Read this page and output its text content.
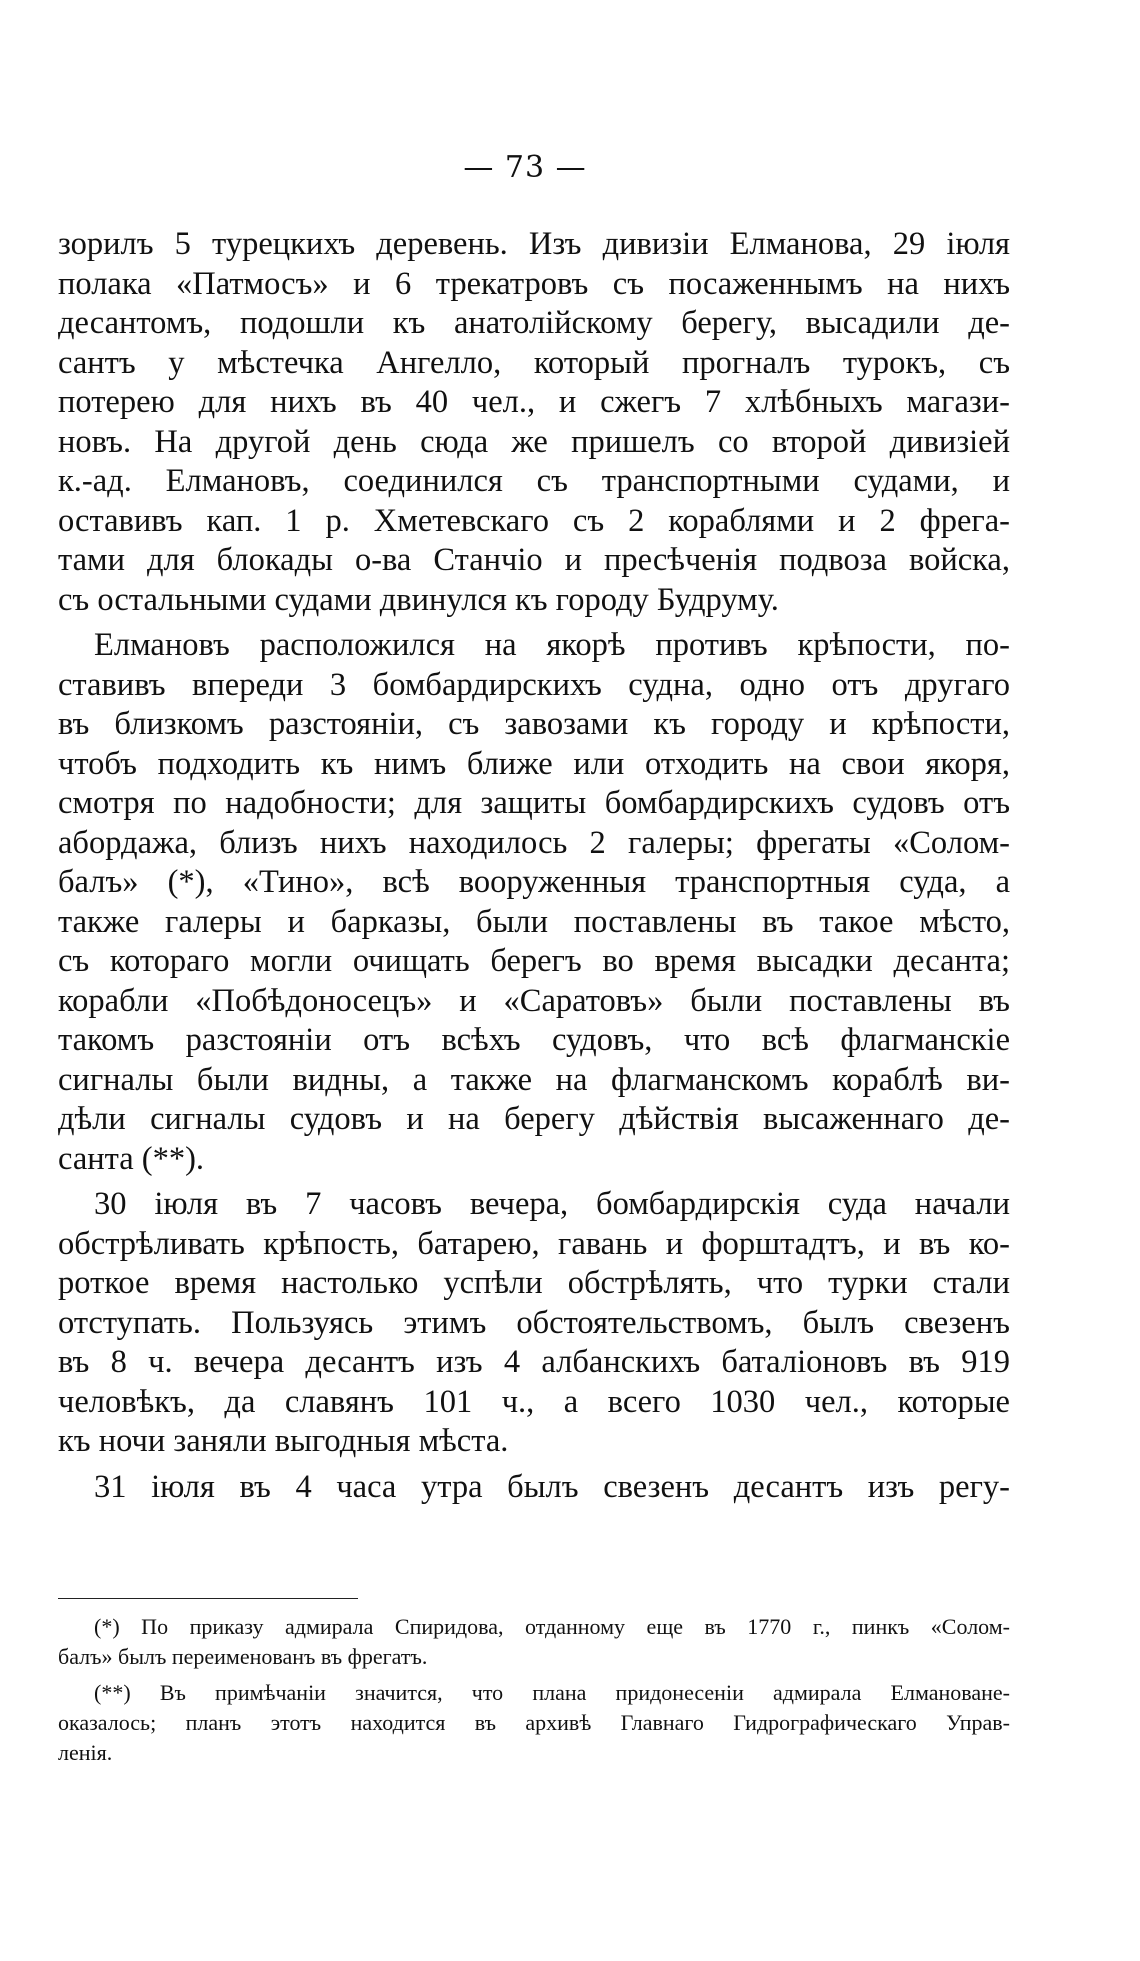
— 73 —
зорилъ 5 турецкихъ деревень. Изъ дивизіи Елманова, 29 іюля
полака «Патмосъ» и 6 трекатровъ съ посаженнымъ на нихъ
десантомъ, подошли къ анатолійскому берегу, высадили де-
сантъ у мѣстечка Ангелло, который прогналъ турокъ, съ
потерею для нихъ въ 40 чел., и сжегъ 7 хлѣбныхъ магази-
новъ. На другой день сюда же пришелъ со второй дивизіей
к.-ад. Елмановъ, соединился съ транспортными судами, и
оставивъ кап. 1 р. Хметевскаго съ 2 кораблями и 2 фрега-
тами для блокады о-ва Станчіо и пресѣченія подвоза войска,
съ остальными судами двинулся къ городу Будруму.
Елмановъ расположился на якорѣ противъ крѣпости, по-
ставивъ впереди 3 бомбардирскихъ судна, одно отъ другаго
въ близкомъ разстояніи, съ завозами къ городу и крѣпости,
чтобъ подходить къ нимъ ближе или отходить на свои якоря,
смотря по надобности; для защиты бомбардирскихъ судовъ отъ
абордажа, близъ нихъ находилось 2 галеры; фрегаты «Солом-
балъ» (*), «Тино», всѣ вооруженныя транспортныя суда, а
также галеры и барказы, были поставлены въ такое мѣсто,
съ котораго могли очищать берегъ во время высадки десанта;
корабли «Побѣдоносецъ» и «Саратовъ» были поставлены въ
такомъ разстояніи отъ всѣхъ судовъ, что всѣ флагманскіе
сигналы были видны, а также на флагманскомъ кораблѣ ви-
дѣли сигналы судовъ и на берегу дѣйствія высаженнаго де-
санта (**).
30 іюля въ 7 часовъ вечера, бомбардирскія суда начали
обстрѣливать крѣпость, батарею, гавань и форштадтъ, и въ ко-
роткое время настолько успѣли обстрѣлять, что турки стали
отступать. Пользуясь этимъ обстоятельствомъ, былъ свезенъ
въ 8 ч. вечера десантъ изъ 4 албанскихъ баталіоновъ въ 919
человѣкъ, да славянъ 101 ч., а всего 1030 чел., которые
къ ночи заняли выгодныя мѣста.
31 іюля въ 4 часа утра былъ свезенъ десантъ изъ регу-
(*) По приказу адмирала Спиридова, отданному еще въ 1770 г., пинкъ «Солом-
балъ» былъ переименованъ въ фрегатъ.
(**) Въ примѣчаніи значится, что плана придонесеніи адмирала Елмановане-
оказалось; планъ этотъ находится въ архивѣ Главнаго Гидрографическаго Управ-
ленія.
